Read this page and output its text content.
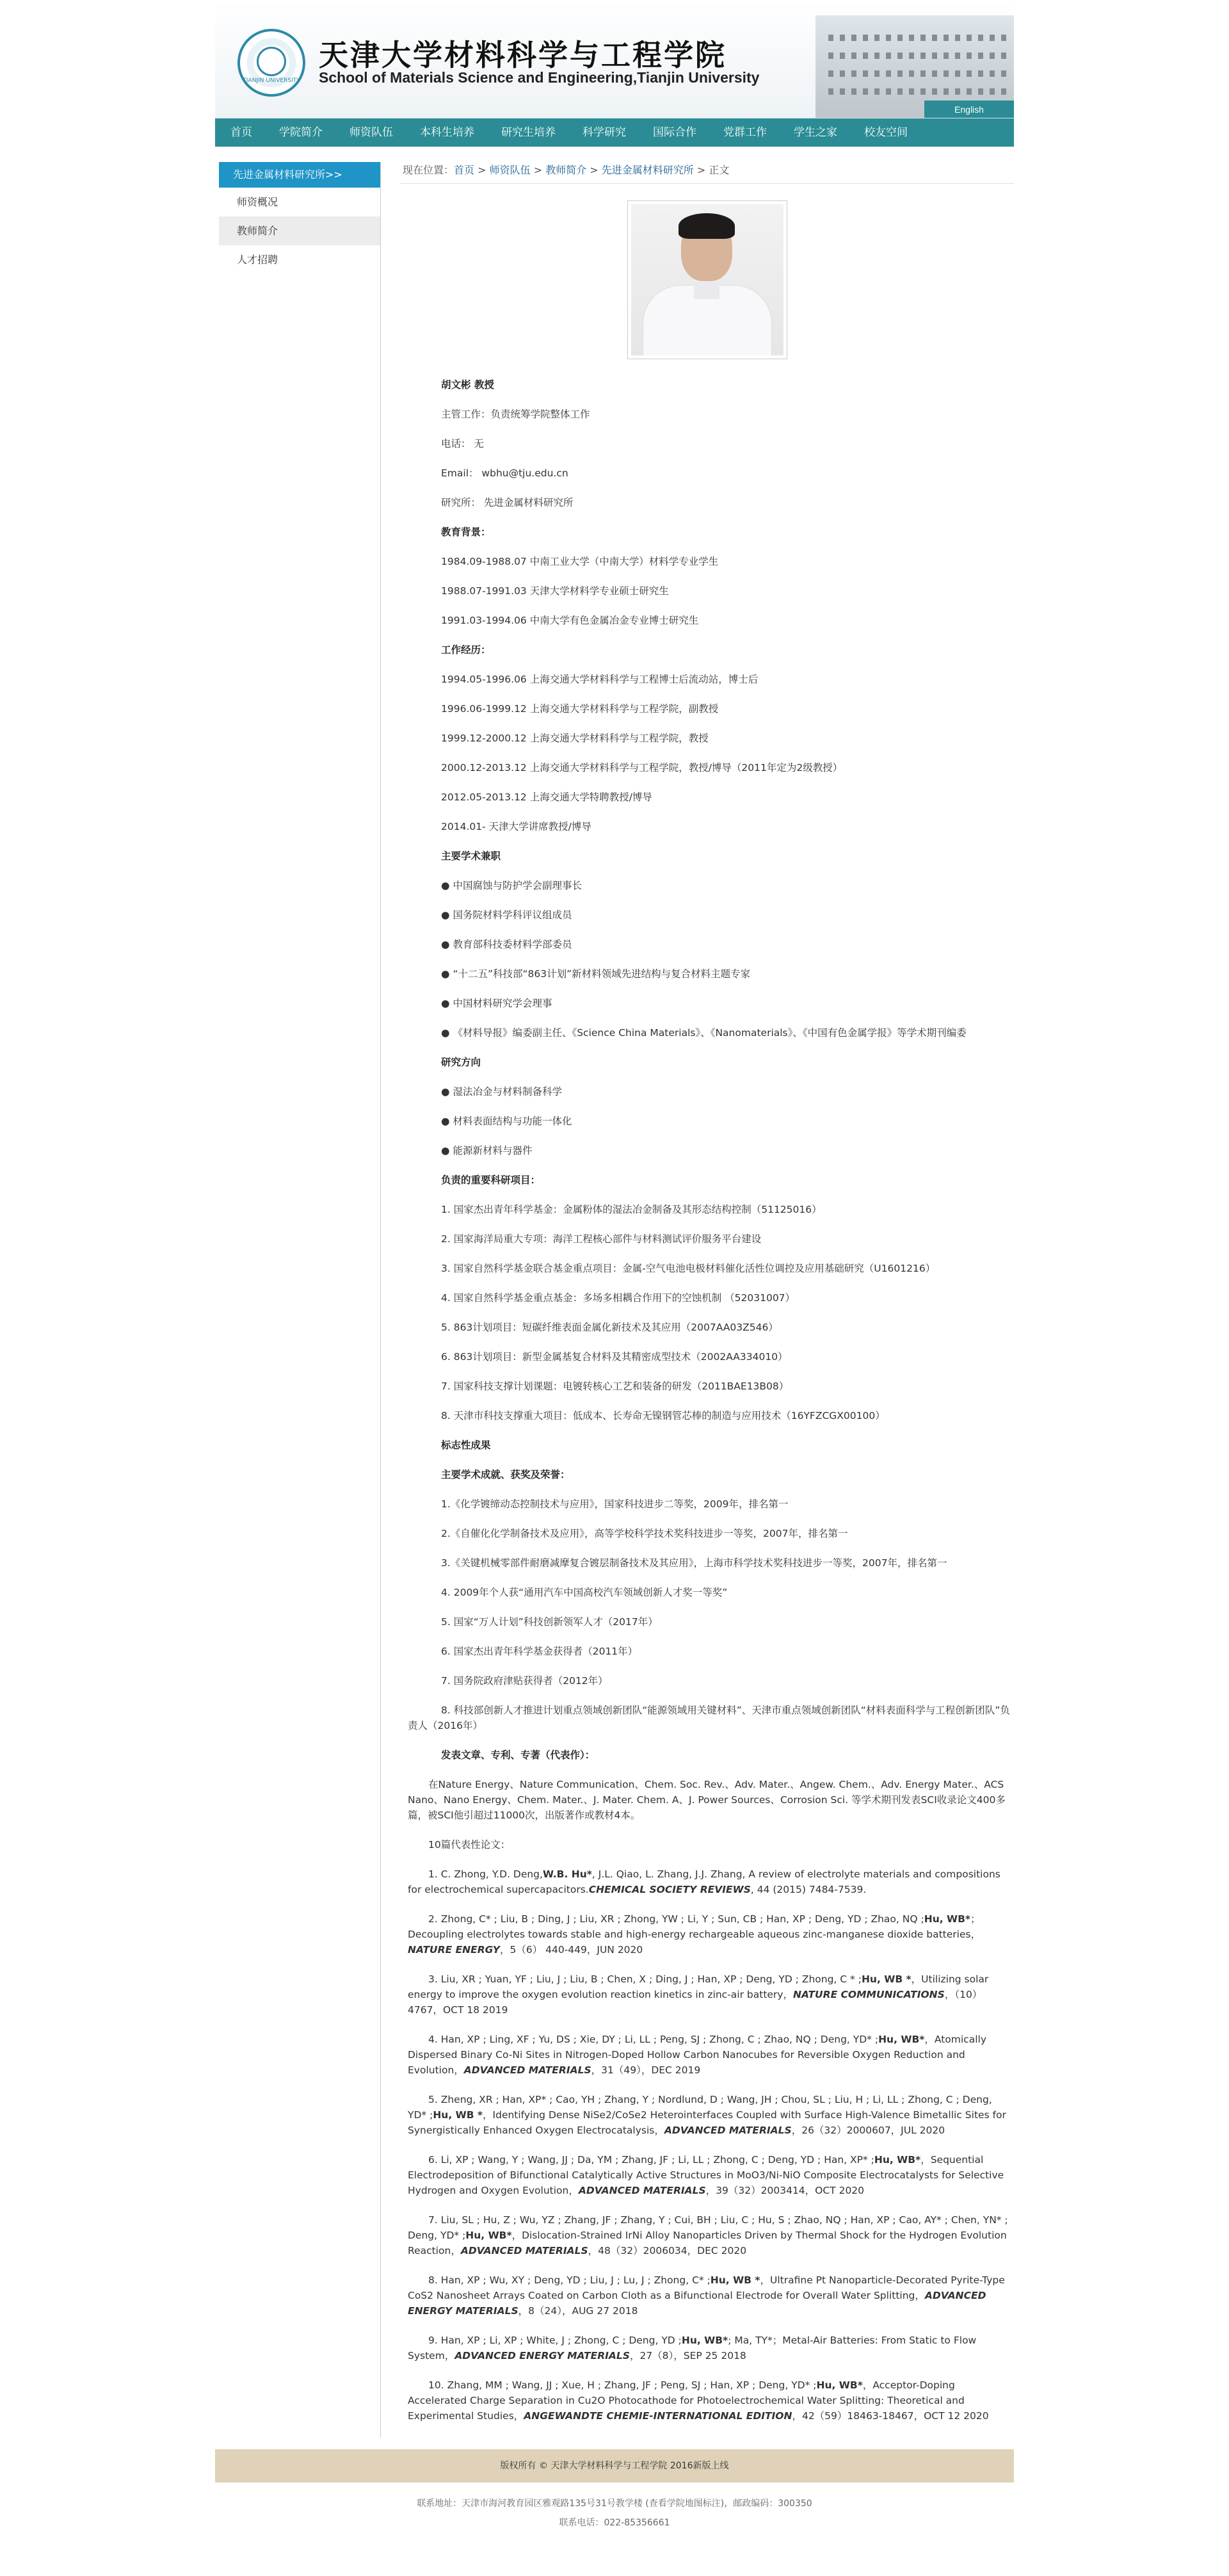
TIANJIN UNIVERSITY
天津大学材料科学与工程学院
School of Materials Science and Engineering,Tianjin University
English
首页	学院简介	师资队伍	本科生培养	研究生培养	科学研究	国际合作	党群工作	学生之家	校友空间
先进金属材料研究所>>
师资概况
教师简介
人才招聘
现在位置：首页 > 师资队伍 > 教师简介 > 先进金属材料研究所 > 正文

胡文彬 教授

主管工作：负责统筹学院整体工作

电话： 无

Email： wbhu@tju.edu.cn

研究所： 先进金属材料研究所

教育背景：

1984.09-1988.07 中南工业大学（中南大学）材料学专业学生

1988.07-1991.03 天津大学材料学专业硕士研究生

1991.03-1994.06 中南大学有色金属冶金专业博士研究生

工作经历：

1994.05-1996.06 上海交通大学材料科学与工程博士后流动站，博士后

1996.06-1999.12 上海交通大学材料科学与工程学院，副教授

1999.12-2000.12 上海交通大学材料科学与工程学院，教授

2000.12-2013.12 上海交通大学材料科学与工程学院，教授/博导（2011年定为2级教授）

2012.05-2013.12 上海交通大学特聘教授/博导

2014.01- 天津大学讲席教授/博导

主要学术兼职

● 中国腐蚀与防护学会副理事长

● 国务院材料学科评议组成员

● 教育部科技委材料学部委员

● “十二五”科技部“863计划”新材料领域先进结构与复合材料主题专家

● 中国材料研究学会理事

● 《材料导报》编委副主任、《Science China Materials》、《Nanomaterials》、《中国有色金属学报》等学术期刊编委

研究方向

● 湿法冶金与材料制备科学

● 材料表面结构与功能一体化

● 能源新材料与器件

负责的重要科研项目：

1. 国家杰出青年科学基金：金属粉体的湿法冶金制备及其形态结构控制（51125016）

2. 国家海洋局重大专项：海洋工程核心部件与材料测试评价服务平台建设

3. 国家自然科学基金联合基金重点项目：金属-空气电池电极材料催化活性位调控及应用基础研究（U1601216）

4. 国家自然科学基金重点基金：多场多相耦合作用下的空蚀机制 （52031007）

5. 863计划项目：短碳纤维表面金属化新技术及其应用（2007AA03Z546）

6. 863计划项目：新型金属基复合材料及其精密成型技术（2002AA334010）

7. 国家科技支撑计划课题：电镀转核心工艺和装备的研发（2011BAE13B08）

8. 天津市科技支撑重大项目：低成本、长寿命无镍钢管芯棒的制造与应用技术（16YFZCGX00100）

标志性成果

主要学术成就、获奖及荣誉：

1.《化学镀缔动态控制技术与应用》，国家科技进步二等奖，2009年，排名第一

2.《自催化化学制备技术及应用》，高等学校科学技术奖科技进步一等奖，2007年，排名第一

3.《关键机械零部件耐磨减摩复合镀层制备技术及其应用》，上海市科学技术奖科技进步一等奖，2007年，排名第一

4. 2009年个人获“通用汽车中国高校汽车领域创新人才奖一等奖”

5. 国家“万人计划”科技创新领军人才（2017年）

6. 国家杰出青年科学基金获得者（2011年）

7. 国务院政府津贴获得者（2012年）

8. 科技部创新人才推进计划重点领域创新团队“能源领域用关键材料”、天津市重点领域创新团队“材料表面科学与工程创新团队”负责人（2016年）

发表文章、专利、专著（代表作）：

在Nature Energy、Nature Communication、Chem. Soc. Rev.、Adv. Mater.、Angew. Chem.、Adv. Energy Mater.、ACS Nano、Nano Energy、Chem. Mater.、J. Mater. Chem. A、J. Power Sources、Corrosion Sci. 等学术期刊发表SCI收录论文400多篇，被SCI他引超过11000次，出版著作或教材4本。

10篇代表性论文：

1. C. Zhong, Y.D. Deng,W.B. Hu*, J.L. Qiao, L. Zhang, J.J. Zhang, A review of electrolyte materials and compositions for electrochemical supercapacitors.CHEMICAL SOCIETY REVIEWS, 44 (2015) 7484-7539.

2. Zhong, C* ; Liu, B ; Ding, J ; Liu, XR ; Zhong, YW ; Li, Y ; Sun, CB ; Han, XP ; Deng, YD ; Zhao, NQ ;Hu, WB*；Decoupling electrolytes towards stable and high-energy rechargeable aqueous zinc-manganese dioxide batteries，NATURE ENERGY，5（6） 440-449，JUN 2020

3. Liu, XR ; Yuan, YF ; Liu, J ; Liu, B ; Chen, X ; Ding, J ; Han, XP ; Deng, YD ; Zhong, C * ;Hu, WB *，Utilizing solar energy to improve the oxygen evolution reaction kinetics in zinc-air battery，NATURE COMMUNICATIONS，（10）4767，OCT 18 2019

4. Han, XP ; Ling, XF ; Yu, DS ; Xie, DY ; Li, LL ; Peng, SJ ; Zhong, C ; Zhao, NQ ; Deng, YD* ;Hu, WB*，Atomically Dispersed Binary Co-Ni Sites in Nitrogen-Doped Hollow Carbon Nanocubes for Reversible Oxygen Reduction and Evolution，ADVANCED MATERIALS，31（49），DEC 2019

5. Zheng, XR ; Han, XP* ; Cao, YH ; Zhang, Y ; Nordlund, D ; Wang, JH ; Chou, SL ; Liu, H ; Li, LL ; Zhong, C ; Deng, YD* ;Hu, WB *，Identifying Dense NiSe2/CoSe2 Heterointerfaces Coupled with Surface High-Valence Bimetallic Sites for Synergistically Enhanced Oxygen Electrocatalysis，ADVANCED MATERIALS，26（32）2000607，JUL 2020

6. Li, XP ; Wang, Y ; Wang, JJ ; Da, YM ; Zhang, JF ; Li, LL ; Zhong, C ; Deng, YD ; Han, XP* ;Hu, WB*，Sequential Electrodeposition of Bifunctional Catalytically Active Structures in MoO3/Ni-NiO Composite Electrocatalysts for Selective Hydrogen and Oxygen Evolution，ADVANCED MATERIALS，39（32）2003414，OCT 2020

7. Liu, SL ; Hu, Z ; Wu, YZ ; Zhang, JF ; Zhang, Y ; Cui, BH ; Liu, C ; Hu, S ; Zhao, NQ ; Han, XP ; Cao, AY* ; Chen, YN* ; Deng, YD* ;Hu, WB*，Dislocation-Strained IrNi Alloy Nanoparticles Driven by Thermal Shock for the Hydrogen Evolution Reaction，ADVANCED MATERIALS，48（32）2006034，DEC 2020

8. Han, XP ; Wu, XY ; Deng, YD ; Liu, J ; Lu, J ; Zhong, C* ;Hu, WB *，Ultrafine Pt Nanoparticle-Decorated Pyrite-Type CoS2 Nanosheet Arrays Coated on Carbon Cloth as a Bifunctional Electrode for Overall Water Splitting，ADVANCED ENERGY MATERIALS，8（24），AUG 27 2018

9. Han, XP ; Li, XP ; White, J ; Zhong, C ; Deng, YD ;Hu, WB*; Ma, TY*；Metal-Air Batteries: From Static to Flow System，ADVANCED ENERGY MATERIALS，27（8），SEP 25 2018

10. Zhang, MM ; Wang, JJ ; Xue, H ; Zhang, JF ; Peng, SJ ; Han, XP ; Deng, YD* ;Hu, WB*，Acceptor-Doping Accelerated Charge Separation in Cu2O Photocathode for Photoelectrochemical Water Splitting: Theoretical and Experimental Studies，ANGEWANDTE CHEMIE-INTERNATIONAL EDITION，42（59）18463-18467，OCT 12 2020

版权所有 © 天津大学材料科学与工程学院 2016新版上线
联系地址：天津市海河教育园区雅观路135号31号教学楼 (查看学院地图标注)，邮政编码：300350
联系电话：022-85356661
